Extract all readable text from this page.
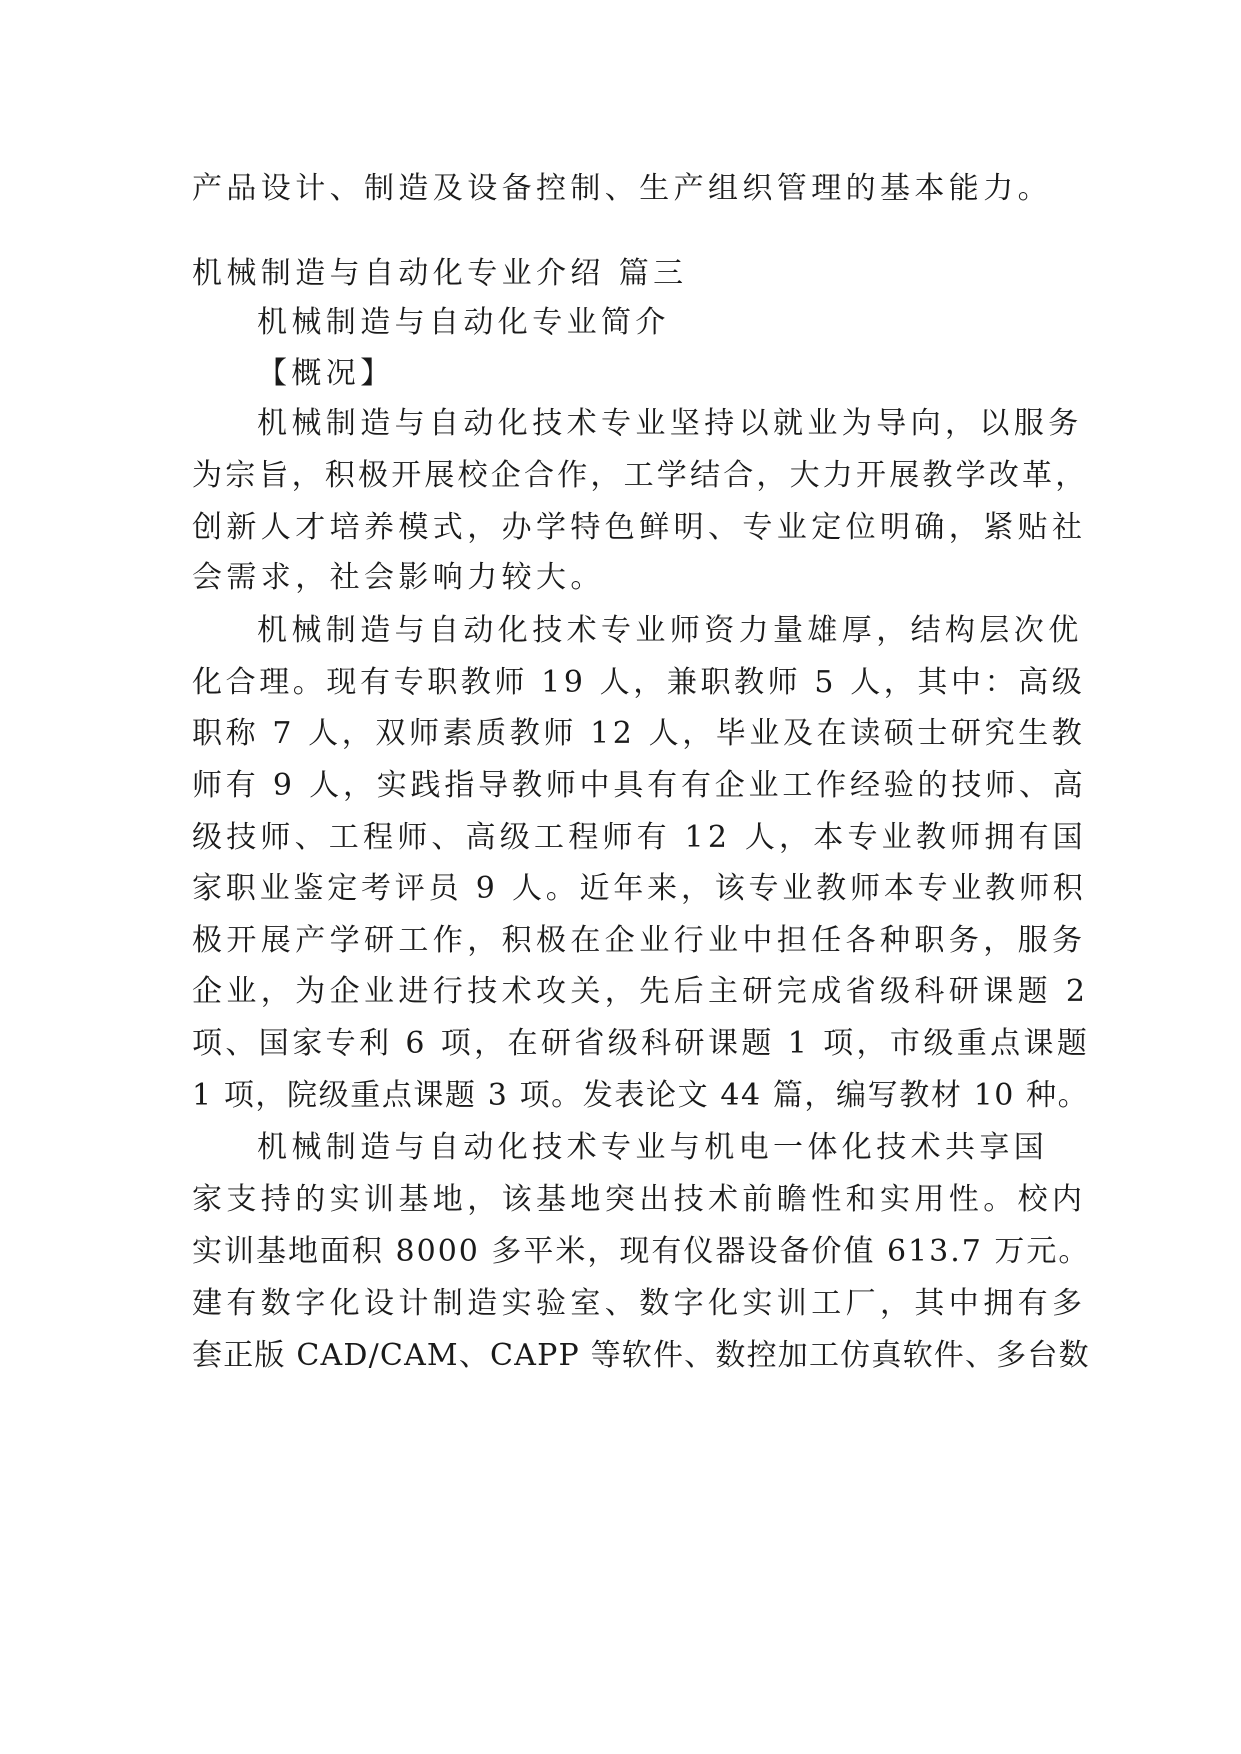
产品设计、制造及设备控制、生产组织管理的基本能力。
机械制造与自动化专业介绍 篇三
机械制造与自动化专业简介
【概况】
机械制造与自动化技术专业坚持以就业为导向，以服务
为宗旨，积极开展校企合作，工学结合，大力开展教学改革，
创新人才培养模式，办学特色鲜明、专业定位明确，紧贴社
会需求，社会影响力较大。
机械制造与自动化技术专业师资力量雄厚，结构层次优
化合理。现有专职教师 19 人，兼职教师 5 人，其中：高级
职称 7 人，双师素质教师 12 人，毕业及在读硕士研究生教
师有 9 人，实践指导教师中具有有企业工作经验的技师、高
级技师、工程师、高级工程师有 12 人，本专业教师拥有国
家职业鉴定考评员 9 人。近年来，该专业教师本专业教师积
极开展产学研工作，积极在企业行业中担任各种职务，服务
企业，为企业进行技术攻关，先后主研完成省级科研课题 2
项、国家专利 6 项，在研省级科研课题 1 项，市级重点课题
1 项，院级重点课题 3 项。发表论文 44 篇，编写教材 10 种。
机械制造与自动化技术专业与机电一体化技术共享国
家支持的实训基地，该基地突出技术前瞻性和实用性。校内
实训基地面积 8000 多平米，现有仪器设备价值 613.7 万元。
建有数字化设计制造实验室、数字化实训工厂，其中拥有多
套正版 CAD/CAM、CAPP 等软件、数控加工仿真软件、多台数
